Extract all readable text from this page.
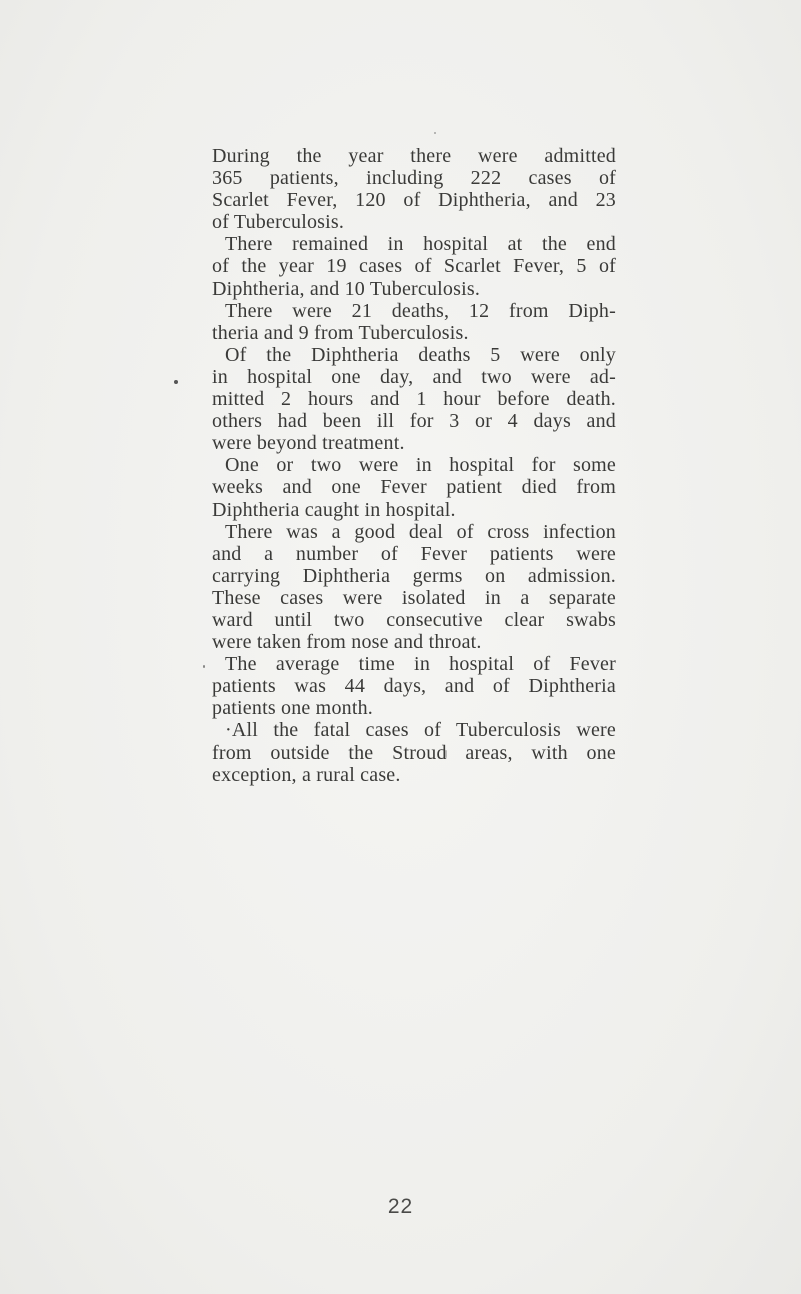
During the year there were admitted
365 patients, including 222 cases of
Scarlet Fever, 120 of Diphtheria, and 23
of Tuberculosis.
There remained in hospital at the end
of the year 19 cases of Scarlet Fever, 5 of
Diphtheria, and 10 Tuberculosis.
There were 21 deaths, 12 from Diph-
theria and 9 from Tuberculosis.
Of the Diphtheria deaths 5 were only
in hospital one day, and two were ad-
mitted 2 hours and 1 hour before death.
others had been ill for 3 or 4 days and
were beyond treatment.
One or two were in hospital for some
weeks and one Fever patient died from
Diphtheria caught in hospital.
There was a good deal of cross infection
and a number of Fever patients were
carrying Diphtheria germs on admission.
These cases were isolated in a separate
ward until two consecutive clear swabs
were taken from nose and throat.
The average time in hospital of Fever
patients was 44 days, and of Diphtheria
patients one month.
·All the fatal cases of Tuberculosis were
from outside the Stroud areas, with one
exception, a rural case.
22
